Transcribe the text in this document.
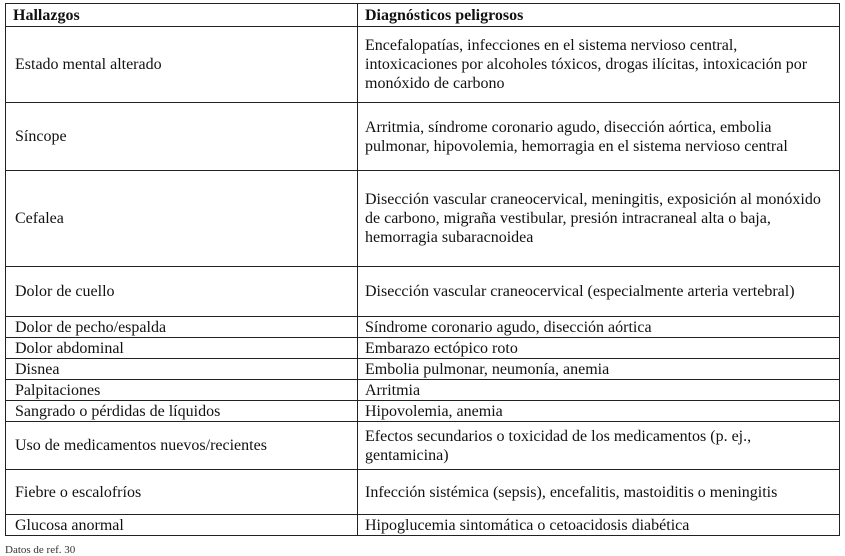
Hallazgos	Diagnósticos peligrosos
Estado mental alterado	Encefalopatías, infecciones en el sistema nervioso central, intoxicaciones por alcoholes tóxicos, drogas ilícitas, intoxicación por monóxido de carbono
Síncope	Arritmia, síndrome coronario agudo, disección aórtica, embolia pulmonar, hipovolemia, hemorragia en el sistema nervioso central
Cefalea	Disección vascular craneocervical, meningitis, exposición al monóxido de carbono, migraña vestibular, presión intracraneal alta o baja, hemorragia subaracnoidea
Dolor de cuello	Disección vascular craneocervical (especialmente arteria vertebral)
Dolor de pecho/espalda	Síndrome coronario agudo, disección aórtica
Dolor abdominal	Embarazo ectópico roto
Disnea	Embolia pulmonar, neumonía, anemia
Palpitaciones	Arritmia
Sangrado o pérdidas de líquidos	Hipovolemia, anemia
Uso de medicamentos nuevos/recientes	Efectos secundarios o toxicidad de los medicamentos (p. ej., gentamicina)
Fiebre o escalofríos	Infección sistémica (sepsis), encefalitis, mastoiditis o meningitis
Glucosa anormal	Hipoglucemia sintomática o cetoacidosis diabética
Datos de ref. 30
